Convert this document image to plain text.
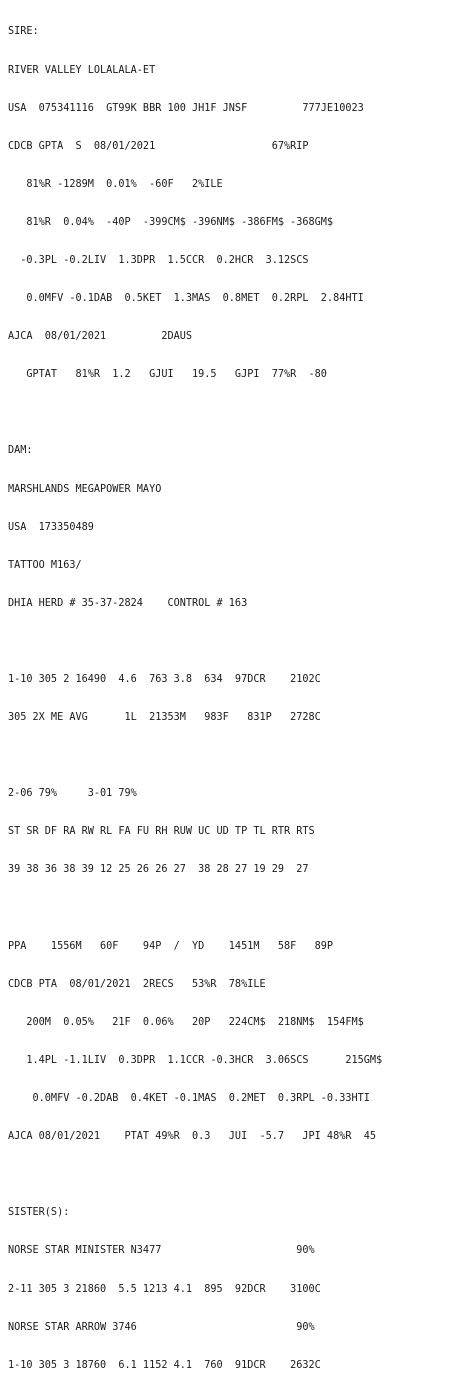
SIRE:

RIVER VALLEY LOLALALA-ET

USA  075341116  GT99K BBR 100 JH1F JNSF         777JE10023

CDCB GPTA  S  08/01/2021                   67%RIP

81%R -1289M  0.01%  -60F   2%ILE

81%R  0.04%  -40P  -399CM$ -396NM$ -386FM$ -368GM$

-0.3PL -0.2LIV  1.3DPR  1.5CCR  0.2HCR  3.12SCS

0.0MFV -0.1DAB  0.5KET  1.3MAS  0.8MET  0.2RPL  2.84HTI

AJCA  08/01/2021         2DAUS

GPTAT   81%R  1.2   GJUI   19.5   GJPI  77%R  -80

DAM:

MARSHLANDS MEGAPOWER MAYO

USA  173350489

TATTOO M163/

DHIA HERD # 35-37-2824    CONTROL # 163

1-10 305 2 16490  4.6  763 3.8  634  97DCR    2102C

305 2X ME AVG      1L  21353M   983F   831P   2728C

2-06 79%     3-01 79%

ST SR DF RA RW RL FA FU RH RUW UC UD TP TL RTR RTS

39 38 36 38 39 12 25 26 26 27  38 28 27 19 29  27

PPA    1556M   60F    94P  /  YD    1451M   58F   89P

CDCB PTA  08/01/2021  2RECS   53%R  78%ILE

200M  0.05%   21F  0.06%   20P   224CM$  218NM$  154FM$

1.4PL -1.1LIV  0.3DPR  1.1CCR -0.3HCR  3.06SCS      215GM$

0.0MFV -0.2DAB  0.4KET -0.1MAS  0.2MET  0.3RPL -0.33HTI

AJCA 08/01/2021    PTAT 49%R  0.3   JUI  -5.7   JPI 48%R  45

SISTER(S):

NORSE STAR MINISTER N3477                      90%

2-11 305 3 21860  5.5 1213 4.1  895  92DCR    3100C

NORSE STAR ARROW 3746                          90%

1-10 305 3 18760  6.1 1152 4.1  760  91DCR    2632C
